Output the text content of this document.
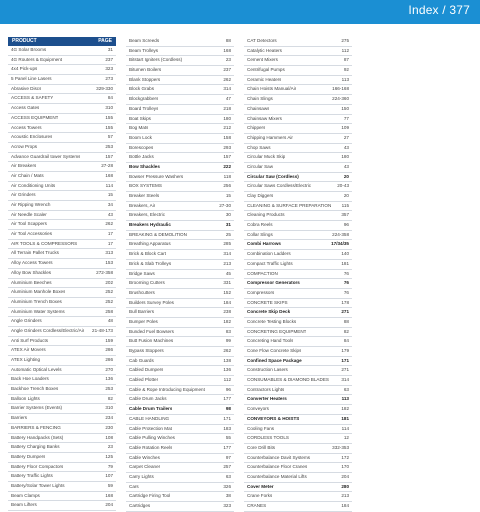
Index / 377
PRODUCT	PAGE
4G Solar Brooms	31
4G Routers & Equipment	237
4x4 Pick-ups	323
5 Panel Line Lasers	273
Abrasive Discs	329-330
ACCESS & SAFETY	84
Access Gates	310
ACCESS EQUIPMENT	155
Access Towers	155
Acoustic Enclosures	57
Acrow Props	253
Advance Guardrail tower Systems	157
Air Breakers	27-28
Air Chain / Mats	168
Air Conditioning Units	114
Air Grinders	15
Air Ripping Wrench	34
Air Needle Scaler	43
Air Tool Scappers	262
Air Tool Accessories	17
AIR TOOLS & COMPRESSORS	17
All Terrain Pallet Trucks	313
Alloy Access Towers	153
Alloy Bow Shackles	272-358
Aluminium Beeches	202
Aluminium Manhole Boxes	252
Aluminium Trench Boxes	252
Aluminium Water Systems	258
Angle Grinders	48
Angle Grinders Cordless/Electric/Air 21-48-173
Anti Surf Products	159
ATEX Air Movers	286
ATEX Lighting	286
Automatic Optical Levels	270
Back Hoe Loaders	136
Backhoe Trench Boxes	253
Balloon Lights	82
Barrier Systems (Events)	310
Barriers	234
BARRIERS & FENCING	230
Battery Handpacks (Sets)	108
Battery Charging Banks	23
Battery Dumpers	125
Battery Floor Compactors	79
Battery Traffic Lights	107
Battery/Solar Tower Lights	59
Beam Clamps	168
Beam Lifters	204
Beam Screeds	88
Beam Trolleys	168
Bitstart Igniters (Cordless)	23
Bitumen Boilers	237
Blank Stoppers	262
Block Grabs	314
Blockgrabbers	47
Board Trolleys	218
Boat Skips	180
Bog Mats	212
Boom Lock	158
Borescopes	293
Bottle Jacks	157
Bow Shackles	222
Bowser Pressure Washers	118
BOX SYSTEMS	256
Breaker Steels	15
Breakers, Air	27-30
Breakers, Electric	30
Breakers Hydraulic	31
BREAKING & DEMOLITION	25
Breathing Apparatus	285
Brick & Block Cart	314
Brick & Slab Trolleys	213
Bridge Saws	45
Brooming Cutters	331
Brushcutters	152
Builders Survey Poles	184
Bull Barriers	238
Bumper Poles	182
Bunded Fuel Bowsers	83
Butt Fusion Machines	99
Bypass Stoppers	262
Cab Guards	138
Cabled Dumpers	136
Cabled Plotter	112
Cable & Rope Introducing Equipment	96
Cable Drum Jacks	177
Cable Drum Trailers	98
CABLE HANDLING	171
Cable Protection Mat	183
Cable Pulling Winches	55
Cable Rotation Reels	177
Cable Winches	97
Carpet Cleaner	257
Carry Lights	63
Cars	326
Cartridge Firing Tool	38
Cartridges	323
CAT Detectors	275
Catalytic Heaters	112
Cement Mixers	87
Centrifugal Pumps	92
Ceramic Heaters	113
Chain Hoists Manual/Air	166-168
Chain Slings	224-360
Chainsaws	150
Chainsaw Mixers	77
Chippers	109
Chipping Hammers Air	27
Chop Saws	43
Circular Muck Skip	180
Circular Saw	43
Circular Saw (Cordless)	20
Circular Saws Cordless/Electric	20-43
Clay Diggers	20
CLEANING & SURFACE PREPARATION 115
Cleaning Products	357
Cobra Reels	96
Collar Slings	224-358
Combi Harrows	17/34/35
Combination Ladders	140
Compact Traffic Lights	181
COMPACTION	76
Compressor Generators	76
Compressors	76
CONCRETE SKIPS	178
Concrete Skip Deck	271
Concrete Testing Blocks	88
CONCRETING EQUIPMENT	82
Concreting Hand Tools	84
Cone Flow Concrete Skips	179
Confined Space Package	171
Construction Lasers	271
CONSUMABLES & DIAMOND BLADES	314
Contractors Lights	63
Converter Heaters	113
Conveyors	182
CONVEYORS & HOISTS	181
Cooling Fans	114
CORDLESS TOOLS	12
Core Drill Bits	332-353
Counterbalance Davit Systems	172
Counterbalance Floor Cranes	170
Counterbalance Material Lifts	204
Cover Meter	280
Crane Forks	213
CRANES	184
